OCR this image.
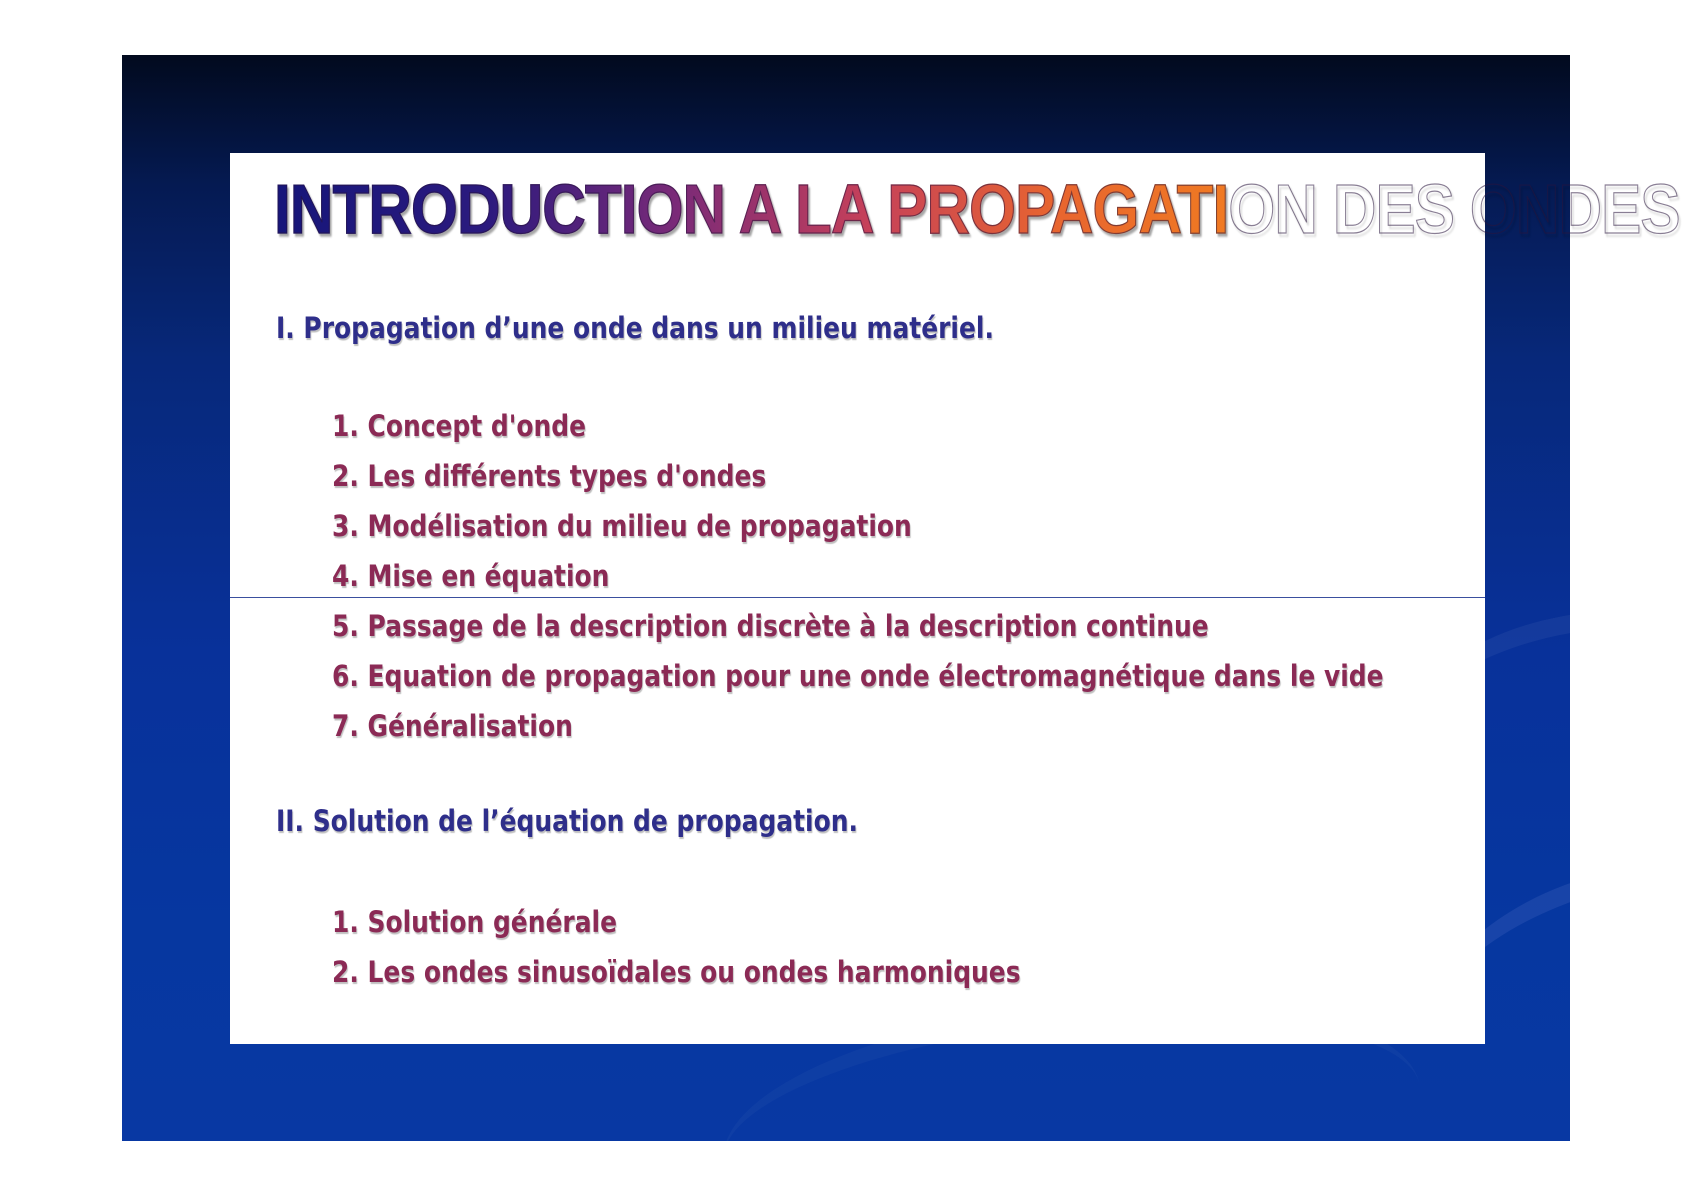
INTRODUCTION A LA PROPAGATION DES ONDES
I. Propagation d’une onde dans un milieu matériel.
1. Concept d'onde
2. Les différents types d'ondes
3. Modélisation du milieu de propagation
4. Mise en équation
5. Passage de la description discrète à la description continue
6. Equation de propagation pour une onde électromagnétique dans le vide
7. Généralisation
II. Solution de l’équation de propagation.
1. Solution générale
2. Les ondes sinusoïdales ou ondes harmoniques
